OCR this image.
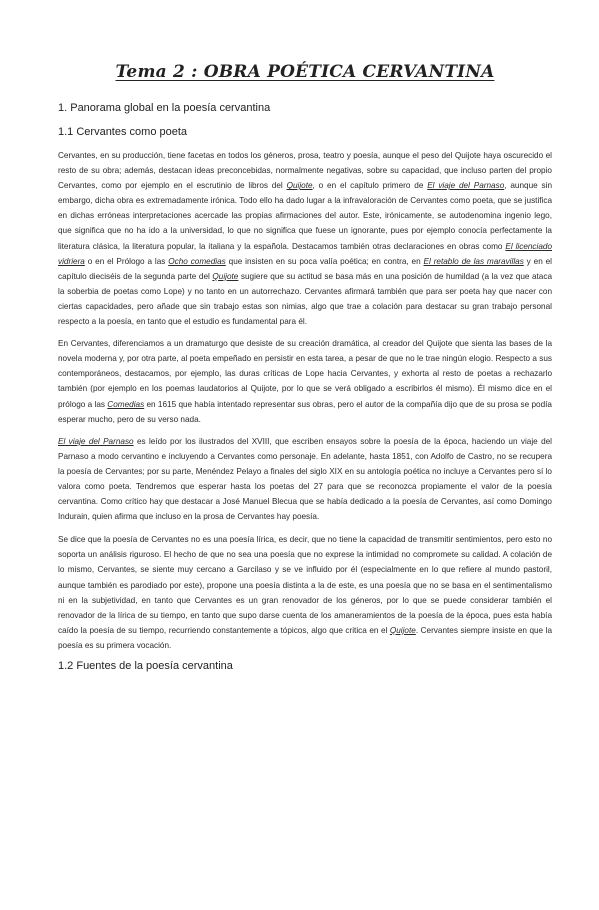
Tema 2 : OBRA POÉTICA CERVANTINA
1. Panorama global en la poesía cervantina
1.1 Cervantes como poeta

Cervantes, en su producción, tiene facetas en todos los géneros, prosa, teatro y poesía, aunque el peso del Quijote haya oscurecido el resto de su obra; además, destacan ideas preconcebidas, normalmente negativas, sobre su capacidad, que incluso parten del propio Cervantes, como por ejemplo en el escrutinio de libros del Quijote, o en el capítulo primero de El viaje del Parnaso, aunque sin embargo, dicha obra es extremadamente irónica. Todo ello ha dado lugar a la infravaloración de Cervantes como poeta, que se justifica en dichas erróneas interpretaciones acercade las propias afirmaciones del autor. Este, irónicamente, se autodenomina ingenio lego, que significa que no ha ido a la universidad, lo que no significa que fuese un ignorante, pues por ejemplo conocía perfectamente la literatura clásica, la literatura popular, la italiana y la española. Destacamos también otras declaraciones en obras como El licenciado vidriera o en el Prólogo a las Ocho comedias que insisten en su poca valía poética; en contra, en El retablo de las maravillas y en el capítulo dieciséis de la segunda parte del Quijote sugiere que su actitud se basa más en una posición de humildad (a la vez que ataca la soberbia de poetas como Lope) y no tanto en un autorrechazo. Cervantes afirmará también que para ser poeta hay que nacer con ciertas capacidades, pero añade que sin trabajo estas son nimias, algo que trae a colación para destacar su gran trabajo personal respecto a la poesía, en tanto que el estudio es fundamental para él.

En Cervantes, diferenciamos a un dramaturgo que desiste de su creación dramática, al creador del Quijote que sienta las bases de la novela moderna y, por otra parte, al poeta empeñado en persistir en esta tarea, a pesar de que no le trae ningún elogio. Respecto a sus contemporáneos, destacamos, por ejemplo, las duras críticas de Lope hacia Cervantes, y exhorta al resto de poetas a rechazarlo también (por ejemplo en los poemas laudatorios al Quijote, por lo que se verá obligado a escribirlos él mismo). Él mismo dice en el prólogo a las Comedias en 1615 que había intentado representar sus obras, pero el autor de la compañía dijo que de su prosa se podía esperar mucho, pero de su verso nada.

El viaje del Parnaso es leído por los ilustrados del XVIII, que escriben ensayos sobre la poesía de la época, haciendo un viaje del Parnaso a modo cervantino e incluyendo a Cervantes como personaje. En adelante, hasta 1851, con Adolfo de Castro, no se recupera la poesía de Cervantes; por su parte, Menéndez Pelayo a finales del siglo XIX en su antología poética no incluye a Cervantes pero sí lo valora como poeta. Tendremos que esperar hasta los poetas del 27 para que se reconozca propiamente el valor de la poesía cervantina. Como crítico hay que destacar a José Manuel Blecua que se había dedicado a la poesía de Cervantes, así como Domingo Indurain, quien afirma que incluso en la prosa de Cervantes hay poesía.

Se dice que la poesía de Cervantes no es una poesía lírica, es decir, que no tiene la capacidad de transmitir sentimientos, pero esto no soporta un análisis riguroso. El hecho de que no sea una poesía que no exprese la intimidad no compromete su calidad. A colación de lo mismo, Cervantes, se siente muy cercano a Garcilaso y se ve influido por él (especialmente en lo que refiere al mundo pastoril, aunque también es parodiado por este), propone una poesía distinta a la de este, es una poesía que no se basa en el sentimentalismo ni en la subjetividad, en tanto que Cervantes es un gran renovador de los géneros, por lo que se puede considerar también el renovador de la lírica de su tiempo, en tanto que supo darse cuenta de los amaneramientos de la poesía de la época, pues esta había caído la poesía de su tiempo, recurriendo constantemente a tópicos, algo que critica en el Quijote. Cervantes siempre insiste en que la poesía es su primera vocación.

1.2 Fuentes de la poesía cervantina
